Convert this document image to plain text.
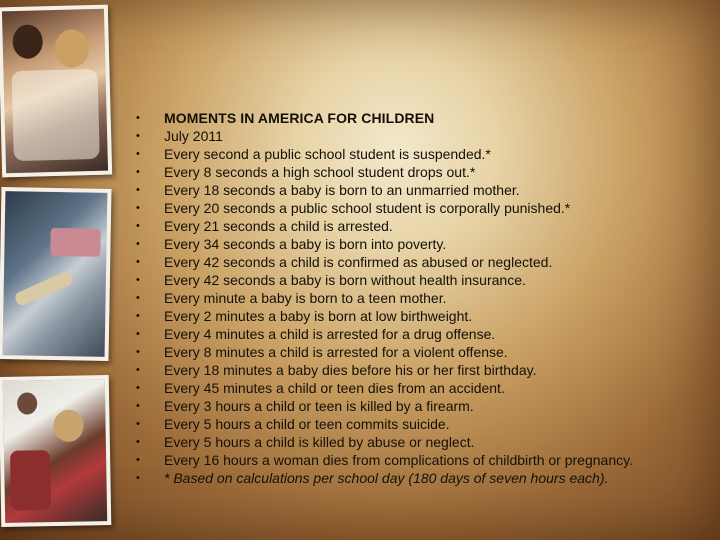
•	MOMENTS IN AMERICA FOR CHILDREN
•	July 2011
•	Every second a public school student is suspended.*
•	Every 8 seconds a high school student drops out.*
•	Every 18 seconds a baby is born to an unmarried mother.
•	Every 20 seconds a public school student is corporally punished.*
•	Every 21 seconds a child is arrested.
•	Every 34 seconds a baby is born into poverty.
•	Every 42 seconds a child is confirmed as abused or neglected.
•	Every 42 seconds a baby is born without health insurance.
•	Every minute a baby is born to a teen mother.
•	Every 2 minutes a baby is born at low birthweight.
•	Every 4 minutes a child is arrested for a drug offense.
•	Every 8 minutes a child is arrested for a violent offense.
•	Every 18 minutes a baby dies before his or her first birthday.
•	Every 45 minutes a child or teen dies from an accident.
•	Every 3 hours a child or teen is killed by a firearm.
•	Every 5 hours a child or teen commits suicide.
•	Every 5 hours a child is killed by abuse or neglect.
•	Every 16 hours a woman dies from complications of childbirth or pregnancy.
•	* Based on calculations per school day (180 days of seven hours each).
